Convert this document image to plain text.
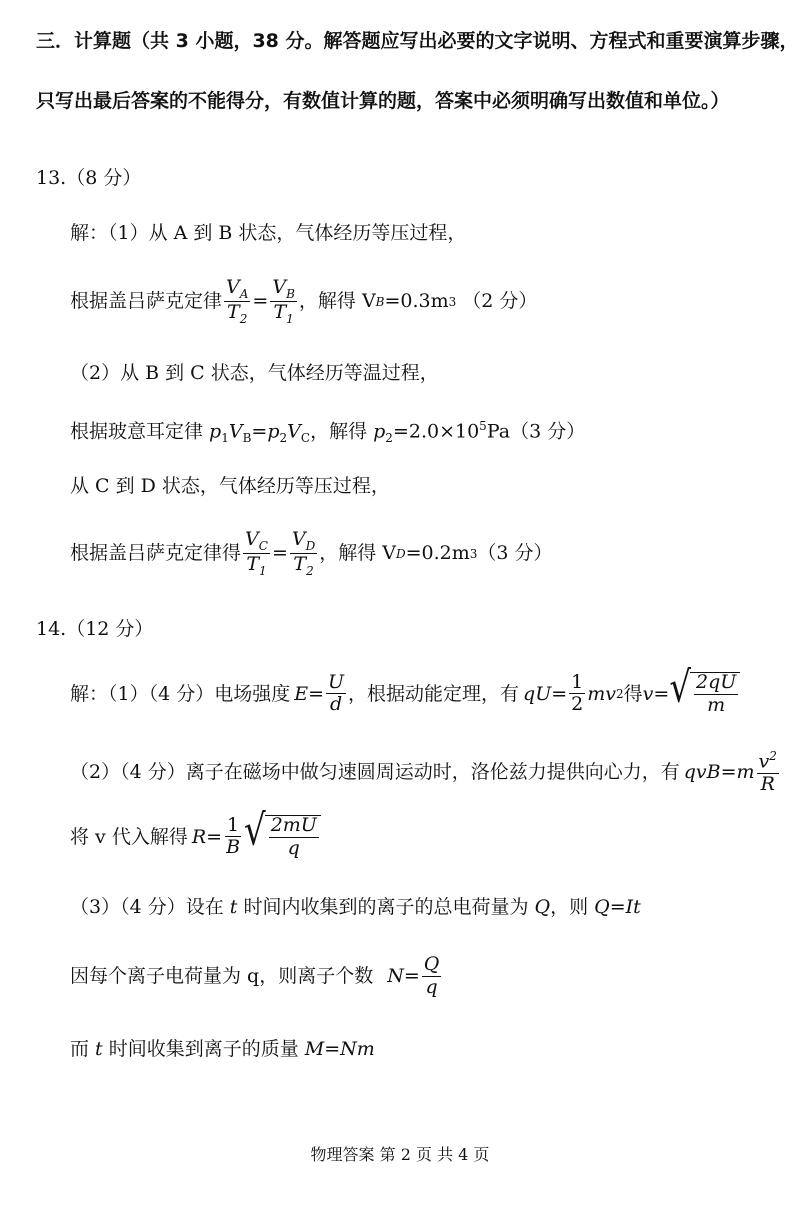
三．计算题（共 3 小题，38 分。解答题应写出必要的文字说明、方程式和重要演算步骤，
只写出最后答案的不能得分，有数值计算的题，答案中必须明确写出数值和单位。）
13.（8 分）
解：（1）从 A 到 B 状态，气体经历等压过程，
根据盖吕萨克定律 $\frac{V_A}{T_2} = \frac{V_B}{T_1}$ ，解得 V B =0.3m 3 （2 分）
（2）从 B 到 C 状态，气体经历等温过程，
根据玻意耳定律 $p_1V_B=p_2V_C$，解得 $p_2=2.0\times 10^5Pa(3$ 分）
从 C 到 D 状态，气体经历等压过程，
根据盖吕萨克定律得 $\frac{V_C}{T_1} = \frac{V_D}{T_2}$ ，解得 V D =0.2m 3 （3 分）
14.（12 分）
解：（1）（4 分）电场强度 $E = \frac{U}{d}$ ，根据动能定理，有 qU = $\frac{1}{2}$ mv 2 得 v = √ $\frac{2qU}{m}$
（2）（4 分）离子在磁场中做匀速圆周运动时，洛伦兹力提供向心力，有 qvB = m $\frac{v^2}{R}$
将 v 代入解得 $R = \frac{1}{B}$ √ $\frac{2mU}{q}$
（3）（4 分）设在 t 时间内收集到的离子的总电荷量为 Q，则 Q=It
因每个离子电荷量为 q，则离子个数 $N = \frac{Q}{q}$
而 t 时间收集到离子的质量 M=Nm
物理答案 第 2 页 共 4 页
